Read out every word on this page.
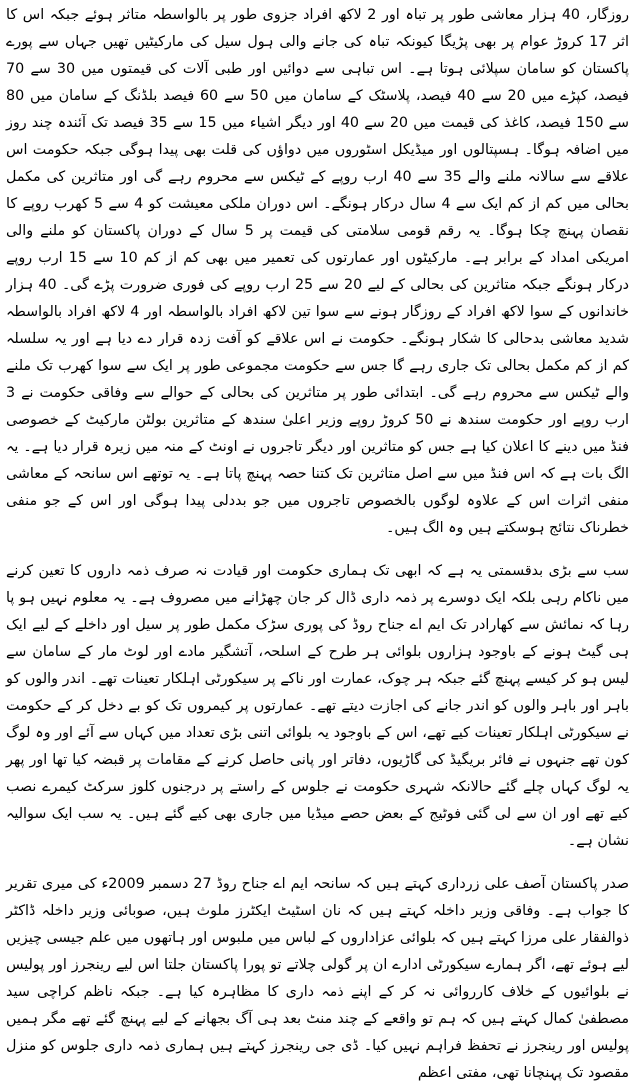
روزگار، 40 ہزار معاشی طور پر تباہ اور 2 لاکھ افراد جزوی طور پر بالواسطہ متاثر ہوئے جبکہ اس کا اثر 17 کروڑ عوام پر بھی پڑیگا کیونکہ تباہ کی جانے والی ہول سیل کی مارکیٹیں تھیں جہاں سے پورے پاکستان کو سامان سپلائی ہوتا ہے۔ اس تباہی سے دوائیں اور طبی آلات کی قیمتوں میں 30 سے 70 فیصد، کپڑے میں 20 سے 40 فیصد، پلاسٹک کے سامان میں 50 سے 60 فیصد بلڈنگ کے سامان میں 80 سے 150 فیصد، کاغذ کی قیمت میں 20 سے 40 اور دیگر اشیاء میں 15 سے 35 فیصد تک آئندہ چند روز میں اضافہ ہوگا۔ ہسپتالوں اور میڈیکل اسٹوروں میں دواؤں کی قلت بھی پیدا ہوگی جبکہ حکومت اس علاقے سے سالانہ ملنے والے 35 سے 40 ارب روپے کے ٹیکس سے محروم رہے گی اور متاثرین کی مکمل بحالی میں کم از کم ایک سے 4 سال درکار ہونگے۔ اس دوران ملکی معیشت کو 4 سے 5 کھرب روپے کا نقصان پہنچ چکا ہوگا۔ یہ رقم قومی سلامتی کی قیمت پر 5 سال کے دوران پاکستان کو ملنے والی امریکی امداد کے برابر ہے۔ مارکیٹوں اور عمارتوں کی تعمیر میں بھی کم از کم 10 سے 15 ارب روپے درکار ہونگے جبکہ متاثرین کی بحالی کے لیے 20 سے 25 ارب روپے کی فوری ضرورت پڑے گی۔ 40 ہزار خاندانوں کے سوا لاکھ افراد کے روزگار ہونے سے سوا تین لاکھ افراد بالواسطہ اور 4 لاکھ افراد بالواسطہ شدید معاشی بدحالی کا شکار ہونگے۔ حکومت نے اس علاقے کو آفت زدہ قرار دے دیا ہے اور یہ سلسلہ کم از کم مکمل بحالی تک جاری رہے گا جس سے حکومت مجموعی طور پر ایک سے سوا کھرب تک ملنے والے ٹیکس سے محروم رہے گی۔ ابتدائی طور پر متاثرین کی بحالی کے حوالے سے وفاقی حکومت نے 3 ارب روپے اور حکومت سندھ نے 50 کروڑ روپے وزیر اعلیٰ سندھ کے متاثرین بولٹن مارکیٹ کے خصوصی فنڈ میں دینے کا اعلان کیا ہے جس کو متاثرین اور دیگر تاجروں نے اونٹ کے منہ میں زیرہ قرار دیا ہے۔ یہ الگ بات ہے کہ اس فنڈ میں سے اصل متاثرین تک کتنا حصہ پہنچ پاتا ہے۔ یہ توتھے اس سانحہ کے معاشی منفی اثرات اس کے علاوہ لوگوں بالخصوص تاجروں میں جو بددلی پیدا ہوگی اور اس کے جو منفی خطرناک نتائج ہوسکتے ہیں وہ الگ ہیں۔

سب سے بڑی بدقسمتی یہ ہے کہ ابھی تک ہماری حکومت اور قیادت نہ صرف ذمہ داروں کا تعین کرنے میں ناکام رہی بلکہ ایک دوسرے پر ذمہ داری ڈال کر جان چھڑانے میں مصروف ہے۔ یہ معلوم نہیں ہو پا رہا کہ نمائش سے کھارادر تک ایم اے جناح روڈ کی پوری سڑک مکمل طور پر سیل اور داخلے کے لیے ایک ہی گیٹ ہونے کے باوجود ہزاروں بلوائی ہر طرح کے اسلحہ، آتشگیر مادے اور لوٹ مار کے سامان سے لیس ہو کر کیسے پہنچ گئے جبکہ ہر چوک، عمارت اور ناکے پر سیکورٹی اہلکار تعینات تھے۔ اندر والوں کو باہر اور باہر والوں کو اندر جانے کی اجازت دیتے تھے۔ عمارتوں پر کیمروں تک کو بے دخل کر کے حکومت نے سیکورٹی اہلکار تعینات کیے تھے، اس کے باوجود یہ بلوائی اتنی بڑی تعداد میں کہاں سے آئے اور وہ لوگ کون تھے جنہوں نے فائر بریگیڈ کی گاڑیوں، دفاتر اور پانی حاصل کرنے کے مقامات پر قبضہ کیا تھا اور پھر یہ لوگ کہاں چلے گئے حالانکہ شہری حکومت نے جلوس کے راستے پر درجنوں کلوز سرکٹ کیمرے نصب کیے تھے اور ان سے لی گئی فوٹیج کے بعض حصے میڈیا میں جاری بھی کیے گئے ہیں۔ یہ سب ایک سوالیہ نشان ہے۔

صدر پاکستان آصف علی زرداری کہتے ہیں کہ سانحہ ایم اے جناح روڈ 27 دسمبر 2009ء کی میری تقریر کا جواب ہے۔ وفاقی وزیر داخلہ کہتے ہیں کہ نان اسٹیٹ ایکٹرز ملوث ہیں، صوبائی وزیر داخلہ ڈاکٹر ذوالفقار علی مرزا کہتے ہیں کہ بلوائی عزاداروں کے لباس میں ملبوس اور ہاتھوں میں علم جیسی چیزیں لیے ہوئے تھے، اگر ہمارے سیکورٹی ادارے ان پر گولی چلاتے تو پورا پاکستان جلتا اس لیے رینجرز اور پولیس نے بلوائیوں کے خلاف کارروائی نہ کر کے اپنے ذمہ داری کا مظاہرہ کیا ہے۔ جبکہ ناظم کراچی سید مصطفیٰ کمال کہتے ہیں کہ ہم تو واقعے کے چند منٹ بعد ہی آگ بجھانے کے لیے پہنچ گئے تھے مگر ہمیں پولیس اور رینجرز نے تحفظ فراہم نہیں کیا۔ ڈی جی رینجرز کہتے ہیں ہماری ذمہ داری جلوس کو منزل مقصود تک پہنچانا تھی، مفتی اعظم
